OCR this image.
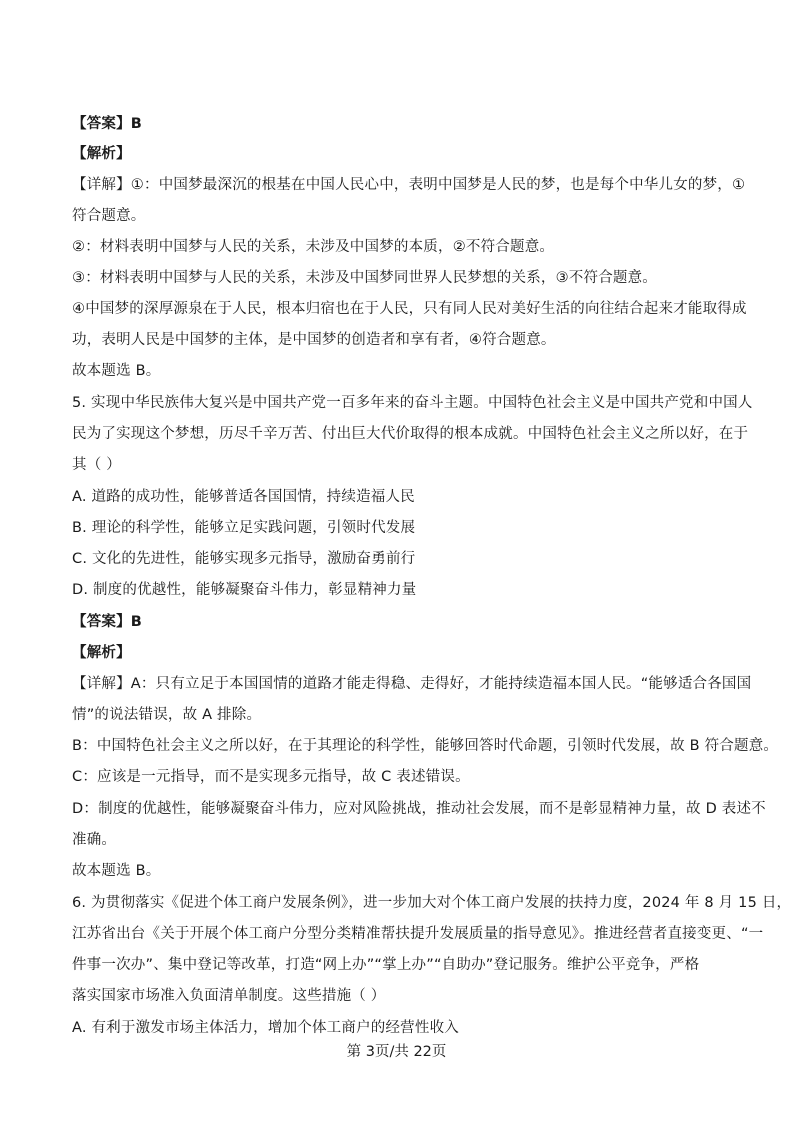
【答案】B
【解析】
【详解】①：中国梦最深沉的根基在中国人民心中，表明中国梦是人民的梦，也是每个中华儿女的梦，①
符合题意。
②：材料表明中国梦与人民的关系，未涉及中国梦的本质，②不符合题意。
③：材料表明中国梦与人民的关系，未涉及中国梦同世界人民梦想的关系，③不符合题意。
④中国梦的深厚源泉在于人民，根本归宿也在于人民，只有同人民对美好生活的向往结合起来才能取得成
功，表明人民是中国梦的主体，是中国梦的创造者和享有者，④符合题意。
故本题选 B。
5. 实现中华民族伟大复兴是中国共产党一百多年来的奋斗主题。中国特色社会主义是中国共产党和中国人
民为了实现这个梦想，历尽千辛万苦、付出巨大代价取得的根本成就。中国特色社会主义之所以好，在于
其（ ）
A. 道路的成功性，能够普适各国国情，持续造福人民
B. 理论的科学性，能够立足实践问题，引领时代发展
C. 文化的先进性，能够实现多元指导，激励奋勇前行
D. 制度的优越性，能够凝聚奋斗伟力，彰显精神力量
【答案】B
【解析】
【详解】A：只有立足于本国国情的道路才能走得稳、走得好，才能持续造福本国人民。“能够适合各国国
情”的说法错误，故 A 排除。
B：中国特色社会主义之所以好，在于其理论的科学性，能够回答时代命题，引领时代发展，故 B 符合题意。
C：应该是一元指导，而不是实现多元指导，故 C 表述错误。
D：制度的优越性，能够凝聚奋斗伟力，应对风险挑战，推动社会发展，而不是彰显精神力量，故 D 表述不
准确。
故本题选 B。
6. 为贯彻落实《促进个体工商户发展条例》，进一步加大对个体工商户发展的扶持力度，2024 年 8 月 15 日，
江苏省出台《关于开展个体工商户分型分类精准帮扶提升发展质量的指导意见》。推进经营者直接变更、“一
件事一次办”、集中登记等改革，打造“网上办”“掌上办”“自助办”登记服务。维护公平竞争，严格
落实国家市场准入负面清单制度。这些措施（ ）
A. 有利于激发市场主体活力，增加个体工商户的经营性收入
第 3页/共 22页
